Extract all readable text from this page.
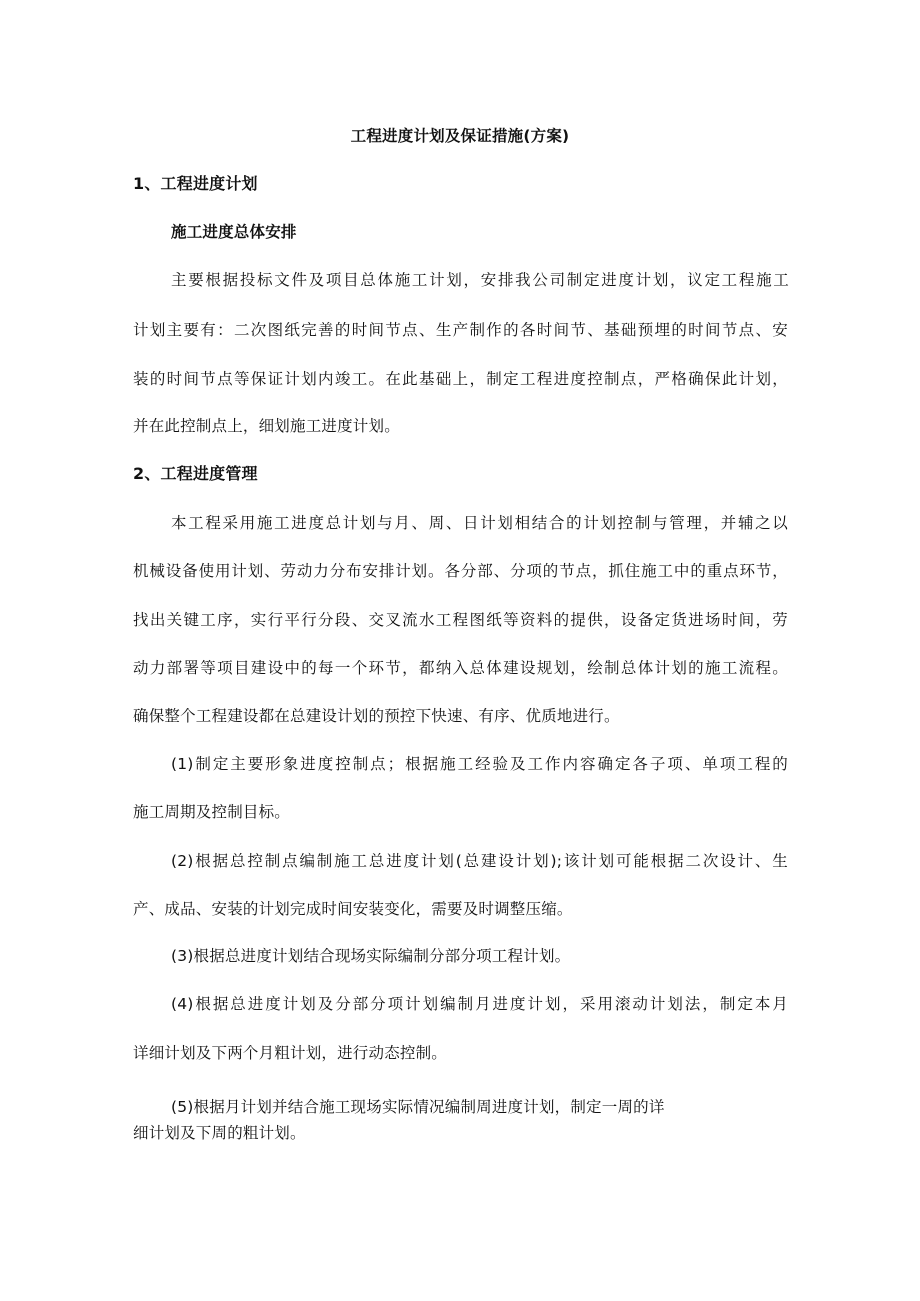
工程进度计划及保证措施(方案)
1、工程进度计划
施工进度总体安排
主要根据投标文件及项目总体施工计划，安排我公司制定进度计划，议定工程施工
计划主要有：二次图纸完善的时间节点、生产制作的各时间节、基础预埋的时间节点、安
装的时间节点等保证计划内竣工。在此基础上，制定工程进度控制点，严格确保此计划，
并在此控制点上，细划施工进度计划。
2、工程进度管理
本工程采用施工进度总计划与月、周、日计划相结合的计划控制与管理，并辅之以
机械设备使用计划、劳动力分布安排计划。各分部、分项的节点，抓住施工中的重点环节，
找出关键工序，实行平行分段、交叉流水工程图纸等资料的提供，设备定货进场时间，劳
动力部署等项目建设中的每一个环节，都纳入总体建设规划，绘制总体计划的施工流程。
确保整个工程建设都在总建设计划的预控下快速、有序、优质地进行。
(1)制定主要形象进度控制点；根据施工经验及工作内容确定各子项、单项工程的
施工周期及控制目标。
(2)根据总控制点编制施工总进度计划(总建设计划);该计划可能根据二次设计、生
产、成品、安装的计划完成时间安装变化，需要及时调整压缩。
(3)根据总进度计划结合现场实际编制分部分项工程计划。
(4)根据总进度计划及分部分项计划编制月进度计划，采用滚动计划法，制定本月
详细计划及下两个月粗计划，进行动态控制。
(5)根据月计划并结合施工现场实际情况编制周进度计划，制定一周的详
细计划及下周的粗计划。
